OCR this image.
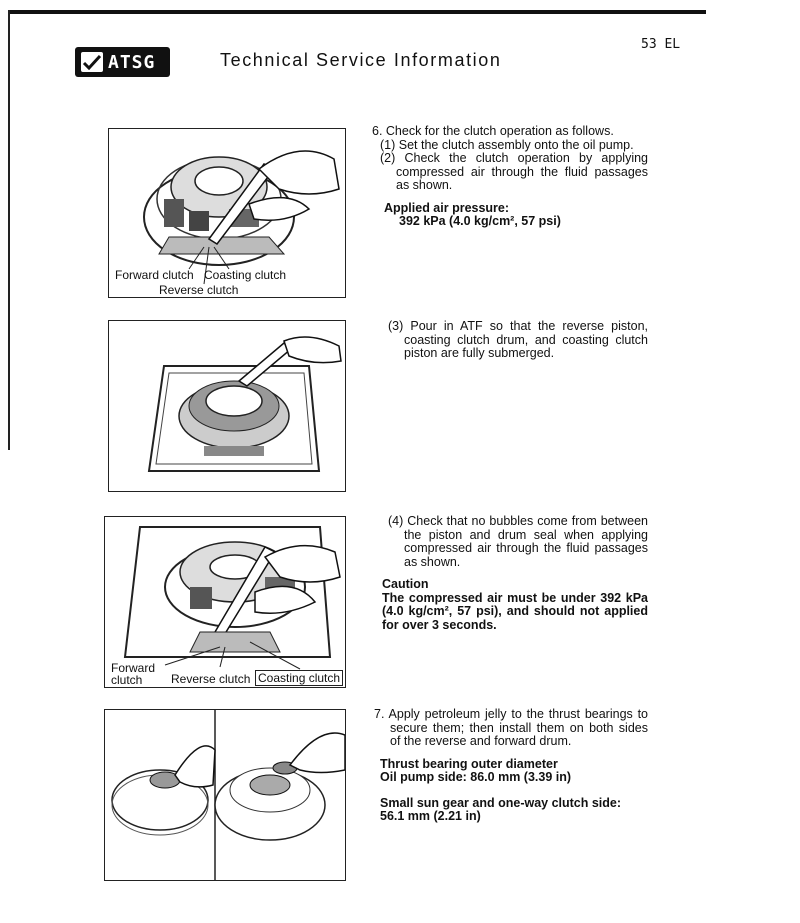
ATSG	Technical Service Information
53 EL
Forward clutch Coasting clutch
Reverse clutch
Forward
clutch	Reverse clutch Coasting clutch

6. Check for the clutch operation as follows.

(1) Set the clutch assembly onto the oil pump.

(2) Check the clutch operation by applying compressed air through the fluid passages as shown.

Applied air pressure:
392 kPa (4.0 kg/cm², 57 psi)

(3) Pour in ATF so that the reverse piston, coasting clutch drum, and coasting clutch piston are fully submerged.

(4) Check that no bubbles come from between the piston and drum seal when applying compressed air through the fluid passages as shown.

Caution
The compressed air must be under 392 kPa (4.0 kg/cm², 57 psi), and should not applied for over 3 seconds.

7. Apply petroleum jelly to the thrust bearings to secure them; then install them on both sides of the reverse and forward drum.

Thrust bearing outer diameter
Oil pump side: 86.0 mm (3.39 in)
Small sun gear and one-way clutch side:
56.1 mm (2.21 in)
